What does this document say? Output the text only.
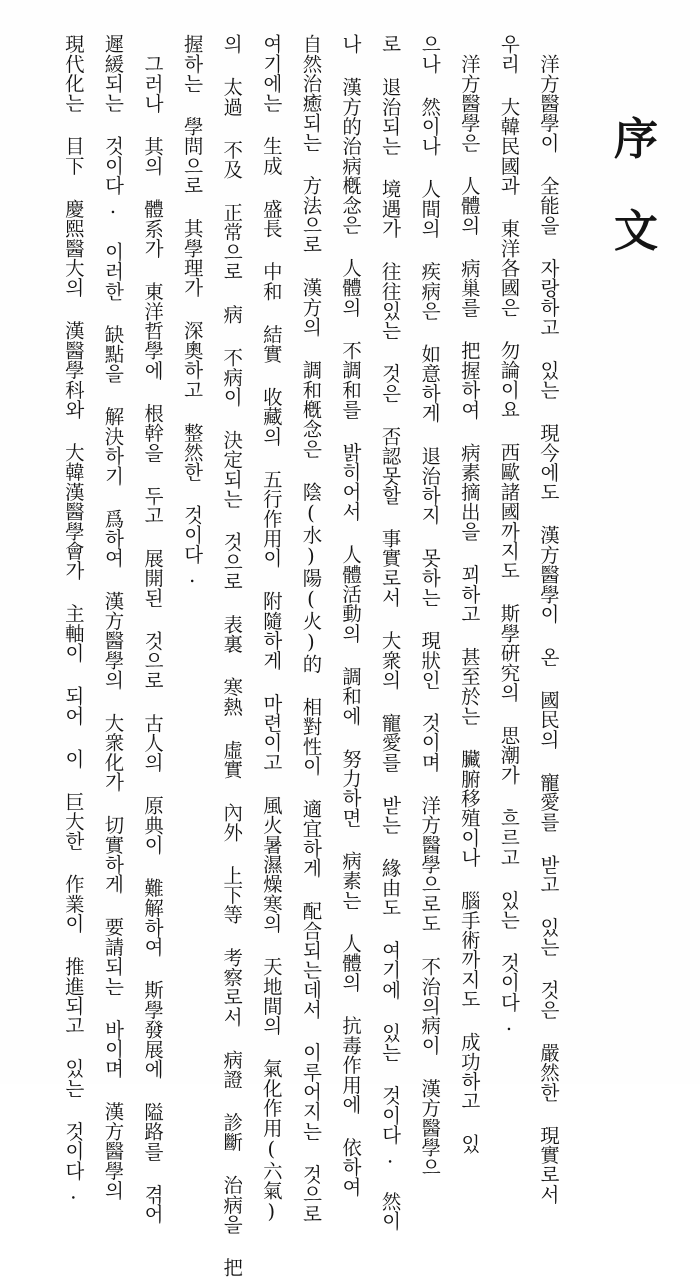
序
文
洋方醫學이 全能을 자랑하고 있는 現今에도 漢方醫學이 온 國民의 寵愛를 받고 있는 것은 嚴然한 現實로서
우리 大韓民國과 東洋各國은 勿論이요 西歐諸國까지도 斯學硏究의 思潮가 흐르고 있는 것이다.
洋方醫學은 人體의 病巢를 把握하여 病素摘出을 꾀하고 甚至於는 臟腑移殖이나 腦手術까지도 成功하고 있
으나 然이나 人間의 疾病은 如意하게 退治하지 못하는 現狀인 것이며 洋方醫學으로도 不治의病이 漢方醫學으
로 退治되는 境遇가 往往있는 것은 否認못할 事實로서 大衆의 寵愛를 받는 緣由도 여기에 있는 것이다. 然이
나 漢方的治病槪念은 人體의 不調和를 밝히어서 人體活動의 調和에 努力하면 病素는 人體의 抗毒作用에 依하여
自然治癒되는 方法으로 漢方의 調和槪念은 陰(水)陽(火)的 相對性이 適宜하게 配合되는데서 이루어지는 것으로
여기에는 生成 盛長 中和 結實 收藏의 五行作用이 附隨하게 마련이고 風火暑濕燥寒의 天地間의 氣化作用(六氣)
의 太過 不及 正常으로 病 不病이 決定되는 것으로 表裏 寒熱 虛實 內外 上下等 考察로서 病證 診斷 治病을 把
握하는 學問으로 其學理가 深奧하고 整然한 것이다.
그러나 其의 體系가 東洋哲學에 根幹을 두고 展開된 것으로 古人의 原典이 難解하여 斯學發展에 隘路를 겪어
遲緩되는 것이다. 이러한 缺點을 解決하기 爲하여 漢方醫學의 大衆化가 切實하게 要請되는 바이며 漢方醫學의
現代化는 目下 慶熙醫大의 漢醫學科와 大韓漢醫學會가 主軸이 되어 이 巨大한 作業이 推進되고 있는 것이다.
